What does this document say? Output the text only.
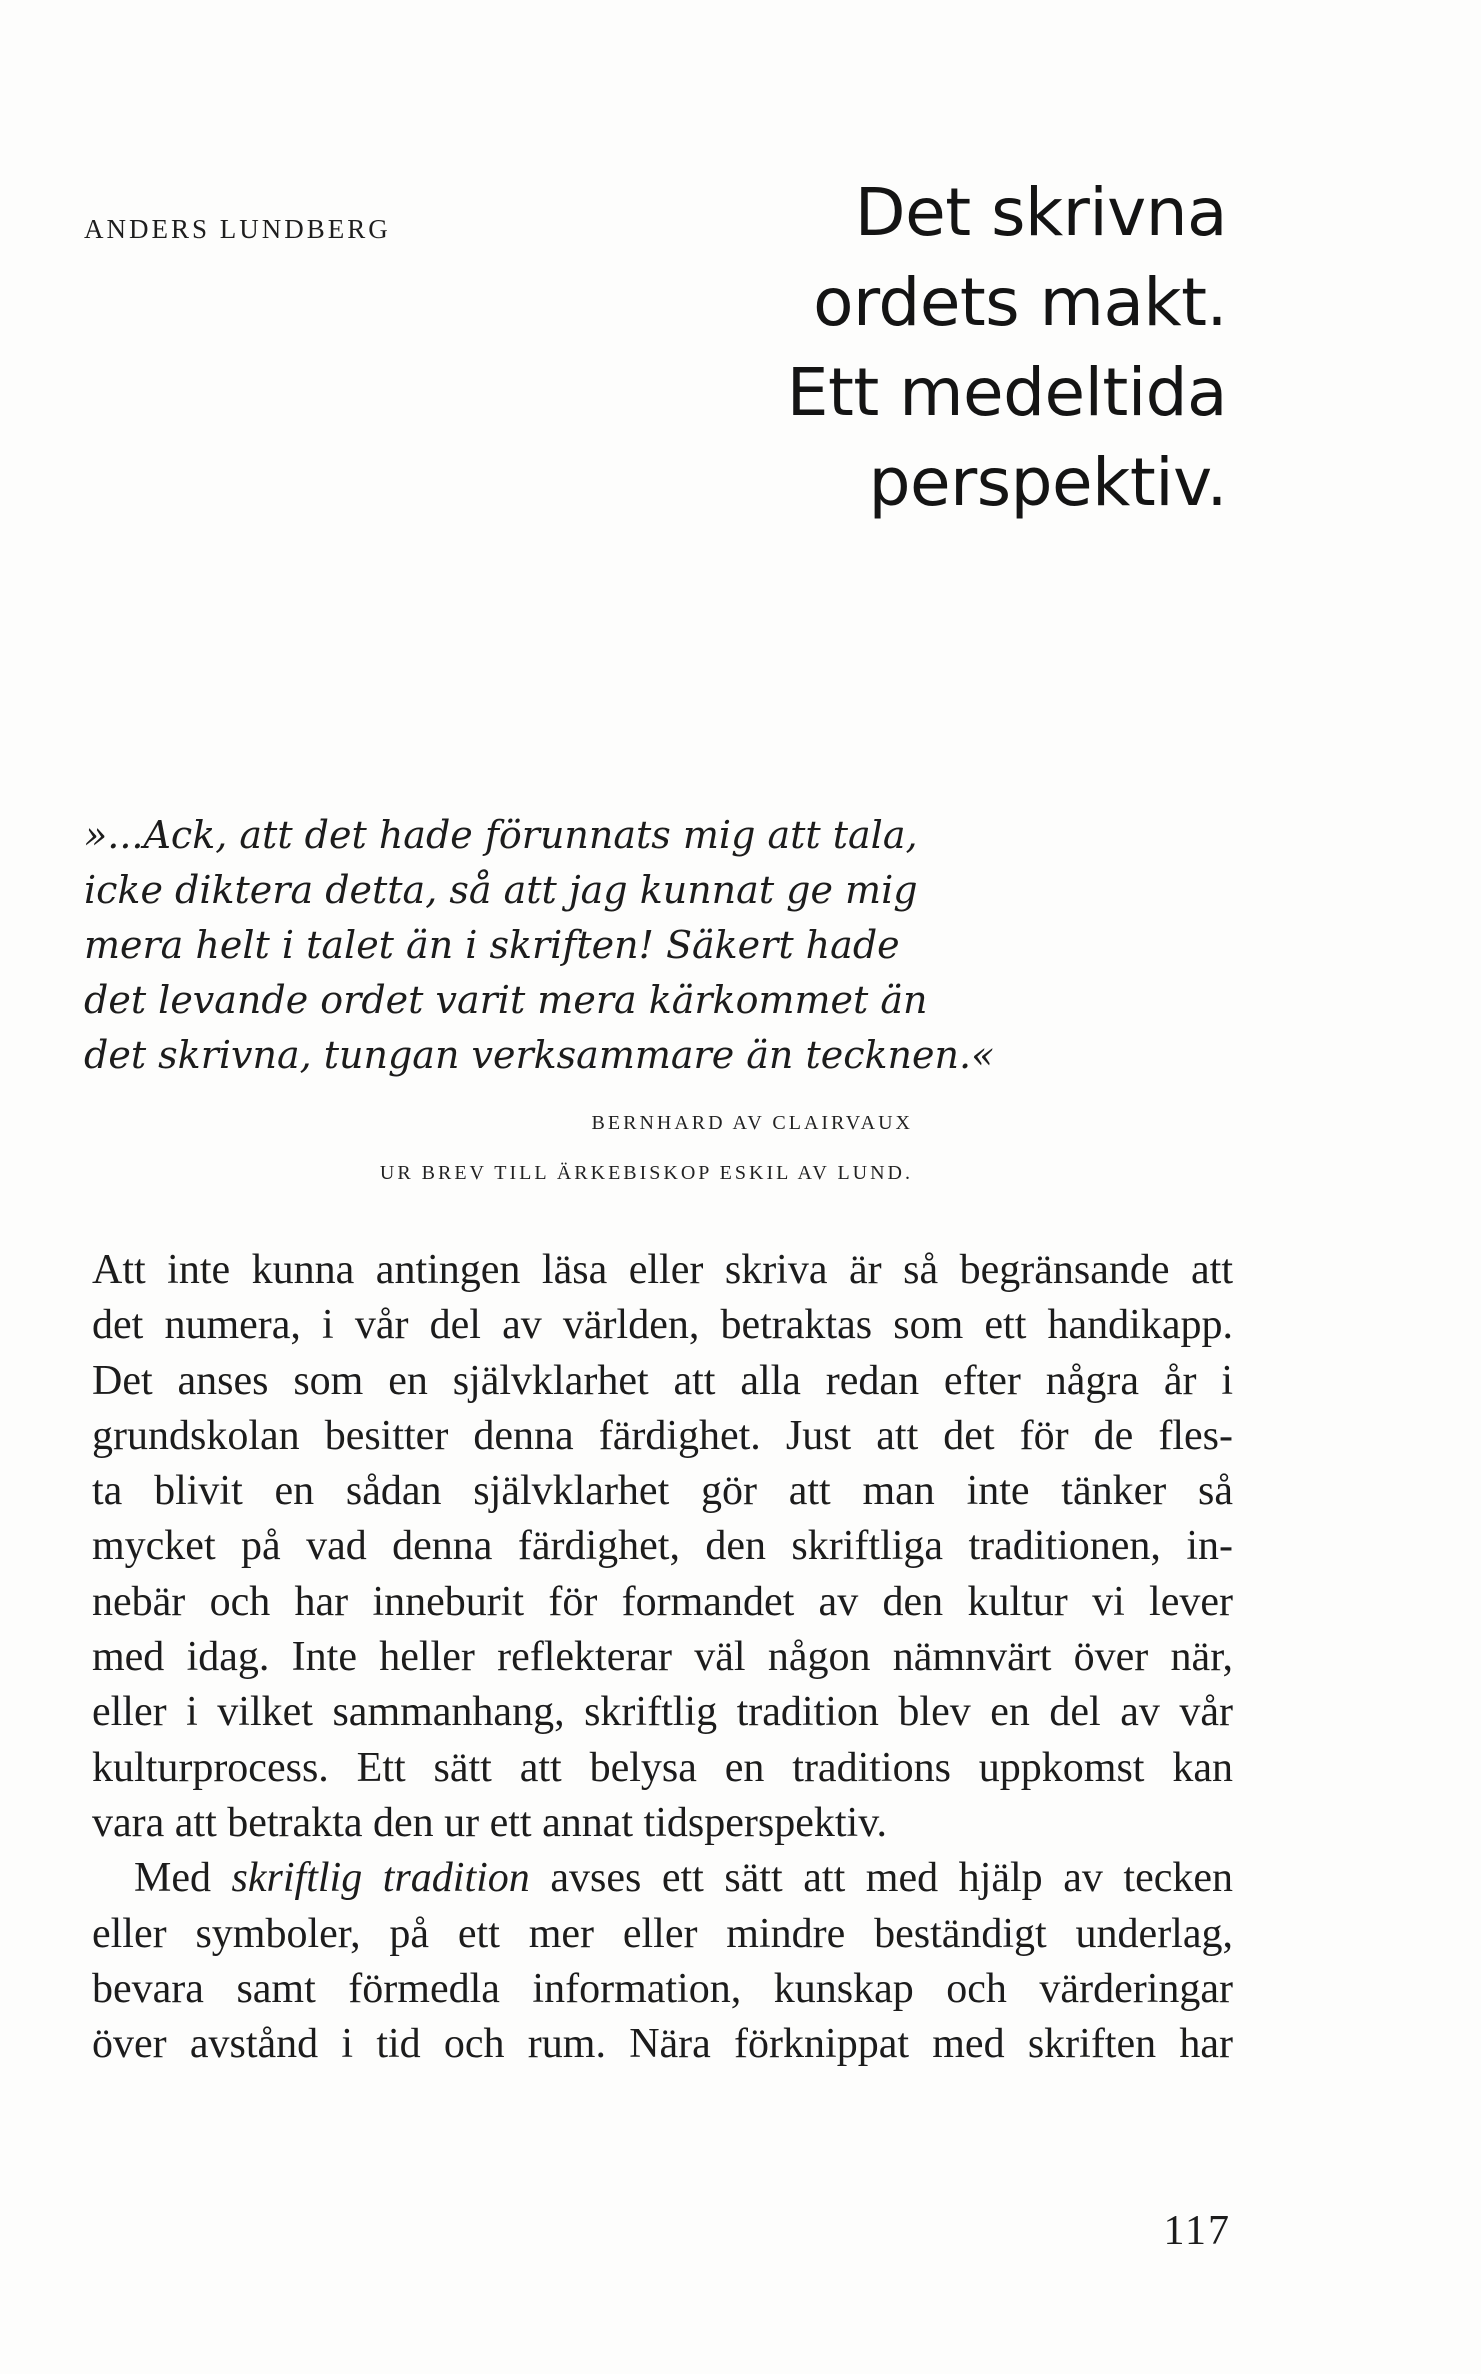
ANDERS LUNDBERG	Det skrivna
ordets makt.
Ett medeltida
perspektiv.
»...Ack, att det hade förunnats mig att tala,
icke diktera detta, så att jag kunnat ge mig
mera helt i talet än i skriften! Säkert hade
det levande ordet varit mera kärkommet än
det skrivna, tungan verksammare än tecknen.«
BERNHARD AV CLAIRVAUX
UR BREV TILL ÄRKEBISKOP ESKIL AV LUND.
Att inte kunna antingen läsa eller skriva är så begränsande att
det numera, i vår del av världen, betraktas som ett handikapp.
Det anses som en självklarhet att alla redan efter några år i
grundskolan besitter denna färdighet. Just att det för de fles-
ta blivit en sådan självklarhet gör att man inte tänker så
mycket på vad denna färdighet, den skriftliga traditionen, in-
nebär och har inneburit för formandet av den kultur vi lever
med idag. Inte heller reflekterar väl någon nämnvärt över när,
eller i vilket sammanhang, skriftlig tradition blev en del av vår
kulturprocess. Ett sätt att belysa en traditions uppkomst kan
vara att betrakta den ur ett annat tidsperspektiv.
Med skriftlig tradition avses ett sätt att med hjälp av tecken
eller symboler, på ett mer eller mindre beständigt underlag,
bevara samt förmedla information, kunskap och värderingar
över avstånd i tid och rum. Nära förknippat med skriften har
117
